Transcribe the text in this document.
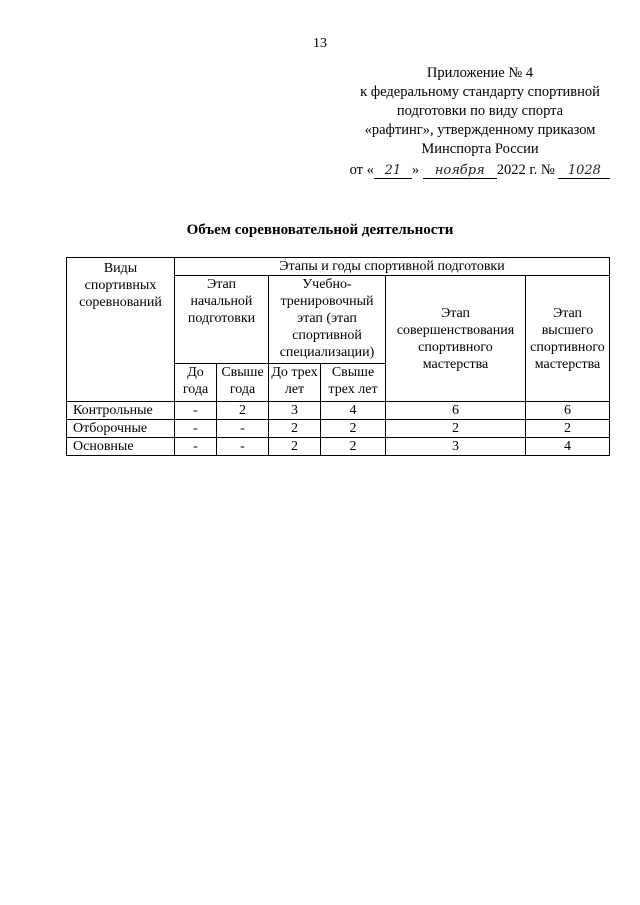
13
Приложение № 4
к федеральному стандарту спортивной
подготовки по виду спорта
«рафтинг», утвержденному приказом
Минспорта России
от « 21 » ноября 2022 г. № 1028
Объем соревновательной деятельности
Виды спортивных соревнований	Этапы и годы спортивной подготовки					
	Этап начальной подготовки		Учебно-тренировочный этап (этап спортивной специализации)		Этап совершенствования спортивного мастерства	Этап высшего спортивного мастерства
	До года	Свыше года	До трех лет	Свыше трех лет		
Контрольные	-	2	3	4	6	6
Отборочные	-	-	2	2	2	2
Основные	-	-	2	2	3	4
